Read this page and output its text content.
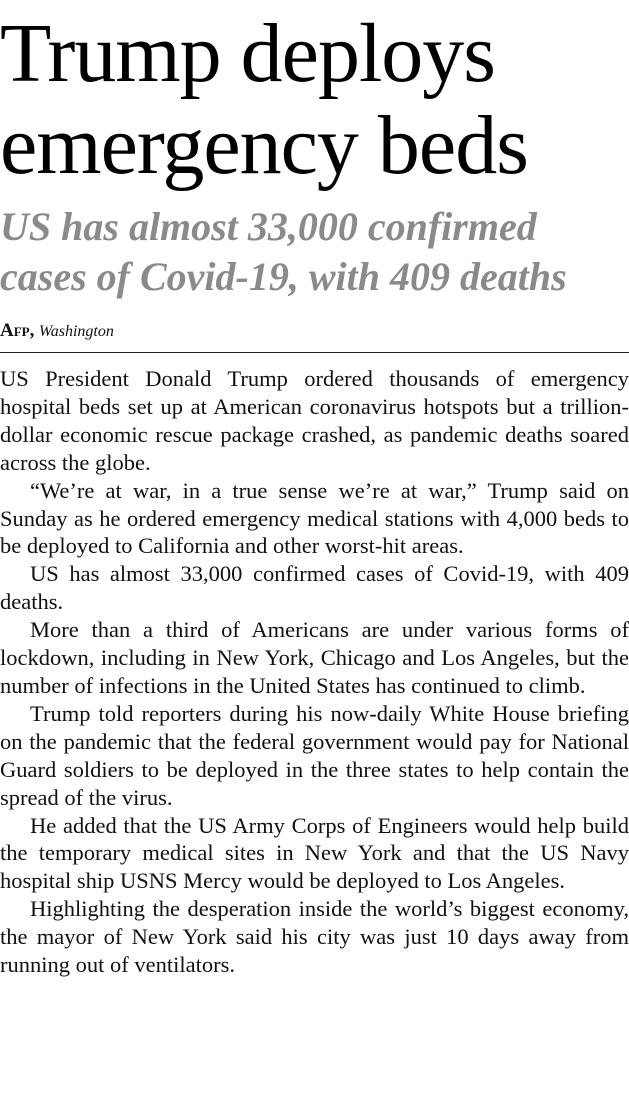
Trump deploys
emergency beds
US has almost 33,000 confirmed
cases of Covid-19, with 409 deaths
Afp, Washington

US President Donald Trump ordered thousands of emergency hospital beds set up at American coronavirus hotspots but a trillion-dollar economic rescue package crashed, as pandemic deaths soared across the globe.

“We’re at war, in a true sense we’re at war,” Trump said on Sunday as he ordered emergency medical stations with 4,000 beds to be deployed to California and other worst-hit areas.

US has almost 33,000 confirmed cases of Covid-19, with 409 deaths.

More than a third of Americans are under various forms of lockdown, including in New York, Chicago and Los Angeles, but the number of infections in the United States has continued to climb.

Trump told reporters during his now-daily White House briefing on the pandemic that the federal government would pay for National Guard soldiers to be deployed in the three states to help contain the spread of the virus.

He added that the US Army Corps of Engineers would help build the temporary medical sites in New York and that the US Navy hospital ship USNS Mercy would be deployed to Los Angeles.

Highlighting the desperation inside the world’s biggest economy, the mayor of New York said his city was just 10 days away from running out of ventilators.
